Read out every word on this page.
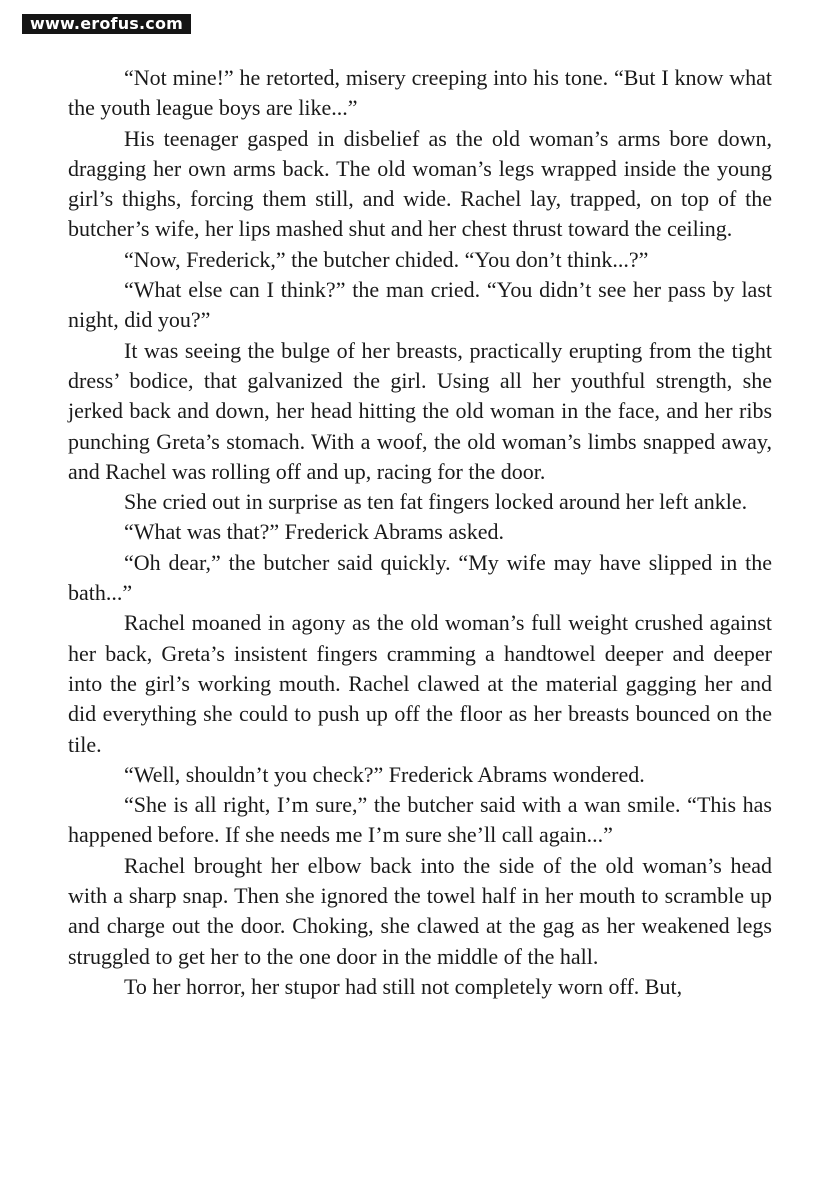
www.erofus.com

“Not mine!” he retorted, misery creeping into his tone. “But I know what the youth league boys are like...”

His teenager gasped in disbelief as the old woman’s arms bore down, dragging her own arms back. The old woman’s legs wrapped inside the young girl’s thighs, forcing them still, and wide. Rachel lay, trapped, on top of the butcher’s wife, her lips mashed shut and her chest thrust toward the ceiling.

“Now, Frederick,” the butcher chided. “You don’t think...?”

“What else can I think?” the man cried. “You didn’t see her pass by last night, did you?”

It was seeing the bulge of her breasts, practically erupting from the tight dress’ bodice, that galvanized the girl. Using all her youthful strength, she jerked back and down, her head hitting the old woman in the face, and her ribs punching Greta’s stomach. With a woof, the old woman’s limbs snapped away, and Rachel was rolling off and up, racing for the door.

She cried out in surprise as ten fat fingers locked around her left ankle.

“What was that?” Frederick Abrams asked.

“Oh dear,” the butcher said quickly. “My wife may have slipped in the bath...”

Rachel moaned in agony as the old woman’s full weight crushed against her back, Greta’s insistent fingers cramming a handtowel deeper and deeper into the girl’s working mouth. Rachel clawed at the material gagging her and did everything she could to push up off the floor as her breasts bounced on the tile.

“Well, shouldn’t you check?” Frederick Abrams wondered.

“She is all right, I’m sure,” the butcher said with a wan smile. “This has happened before. If she needs me I’m sure she’ll call again...”

Rachel brought her elbow back into the side of the old woman’s head with a sharp snap. Then she ignored the towel half in her mouth to scramble up and charge out the door. Choking, she clawed at the gag as her weakened legs struggled to get her to the one door in the middle of the hall.

To her horror, her stupor had still not completely worn off. But,
